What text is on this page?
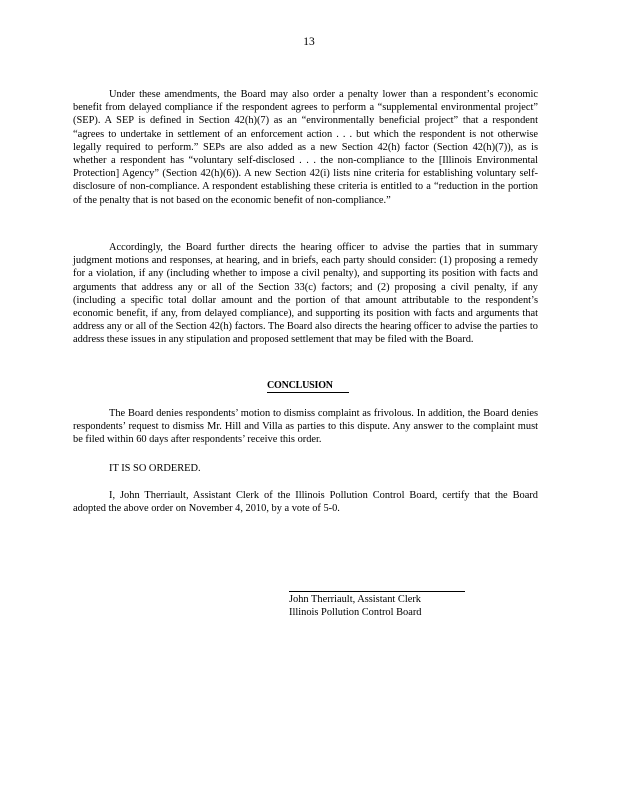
13

Under these amendments, the Board may also order a penalty lower than a respondent’s economic benefit from delayed compliance if the respondent agrees to perform a “supplemental environmental project” (SEP). A SEP is defined in Section 42(h)(7) as an “environmentally beneficial project” that a respondent “agrees to undertake in settlement of an enforcement action . . . but which the respondent is not otherwise legally required to perform.” SEPs are also added as a new Section 42(h) factor (Section 42(h)(7)), as is whether a respondent has “voluntary self-disclosed . . . the non-compliance to the [Illinois Environmental Protection] Agency” (Section 42(h)(6)). A new Section 42(i) lists nine criteria for establishing voluntary self-disclosure of non-compliance. A respondent establishing these criteria is entitled to a “reduction in the portion of the penalty that is not based on the economic benefit of non-compliance.”

Accordingly, the Board further directs the hearing officer to advise the parties that in summary judgment motions and responses, at hearing, and in briefs, each party should consider: (1) proposing a remedy for a violation, if any (including whether to impose a civil penalty), and supporting its position with facts and arguments that address any or all of the Section 33(c) factors; and (2) proposing a civil penalty, if any (including a specific total dollar amount and the portion of that amount attributable to the respondent’s economic benefit, if any, from delayed compliance), and supporting its position with facts and arguments that address any or all of the Section 42(h) factors. The Board also directs the hearing officer to advise the parties to address these issues in any stipulation and proposed settlement that may be filed with the Board.

CONCLUSION

The Board denies respondents’ motion to dismiss complaint as frivolous. In addition, the Board denies respondents’ request to dismiss Mr. Hill and Villa as parties to this dispute. Any answer to the complaint must be filed within 60 days after respondents’ receive this order.

IT IS SO ORDERED.

I, John Therriault, Assistant Clerk of the Illinois Pollution Control Board, certify that the Board adopted the above order on November 4, 2010, by a vote of 5-0.

John Therriault, Assistant Clerk
Illinois Pollution Control Board
